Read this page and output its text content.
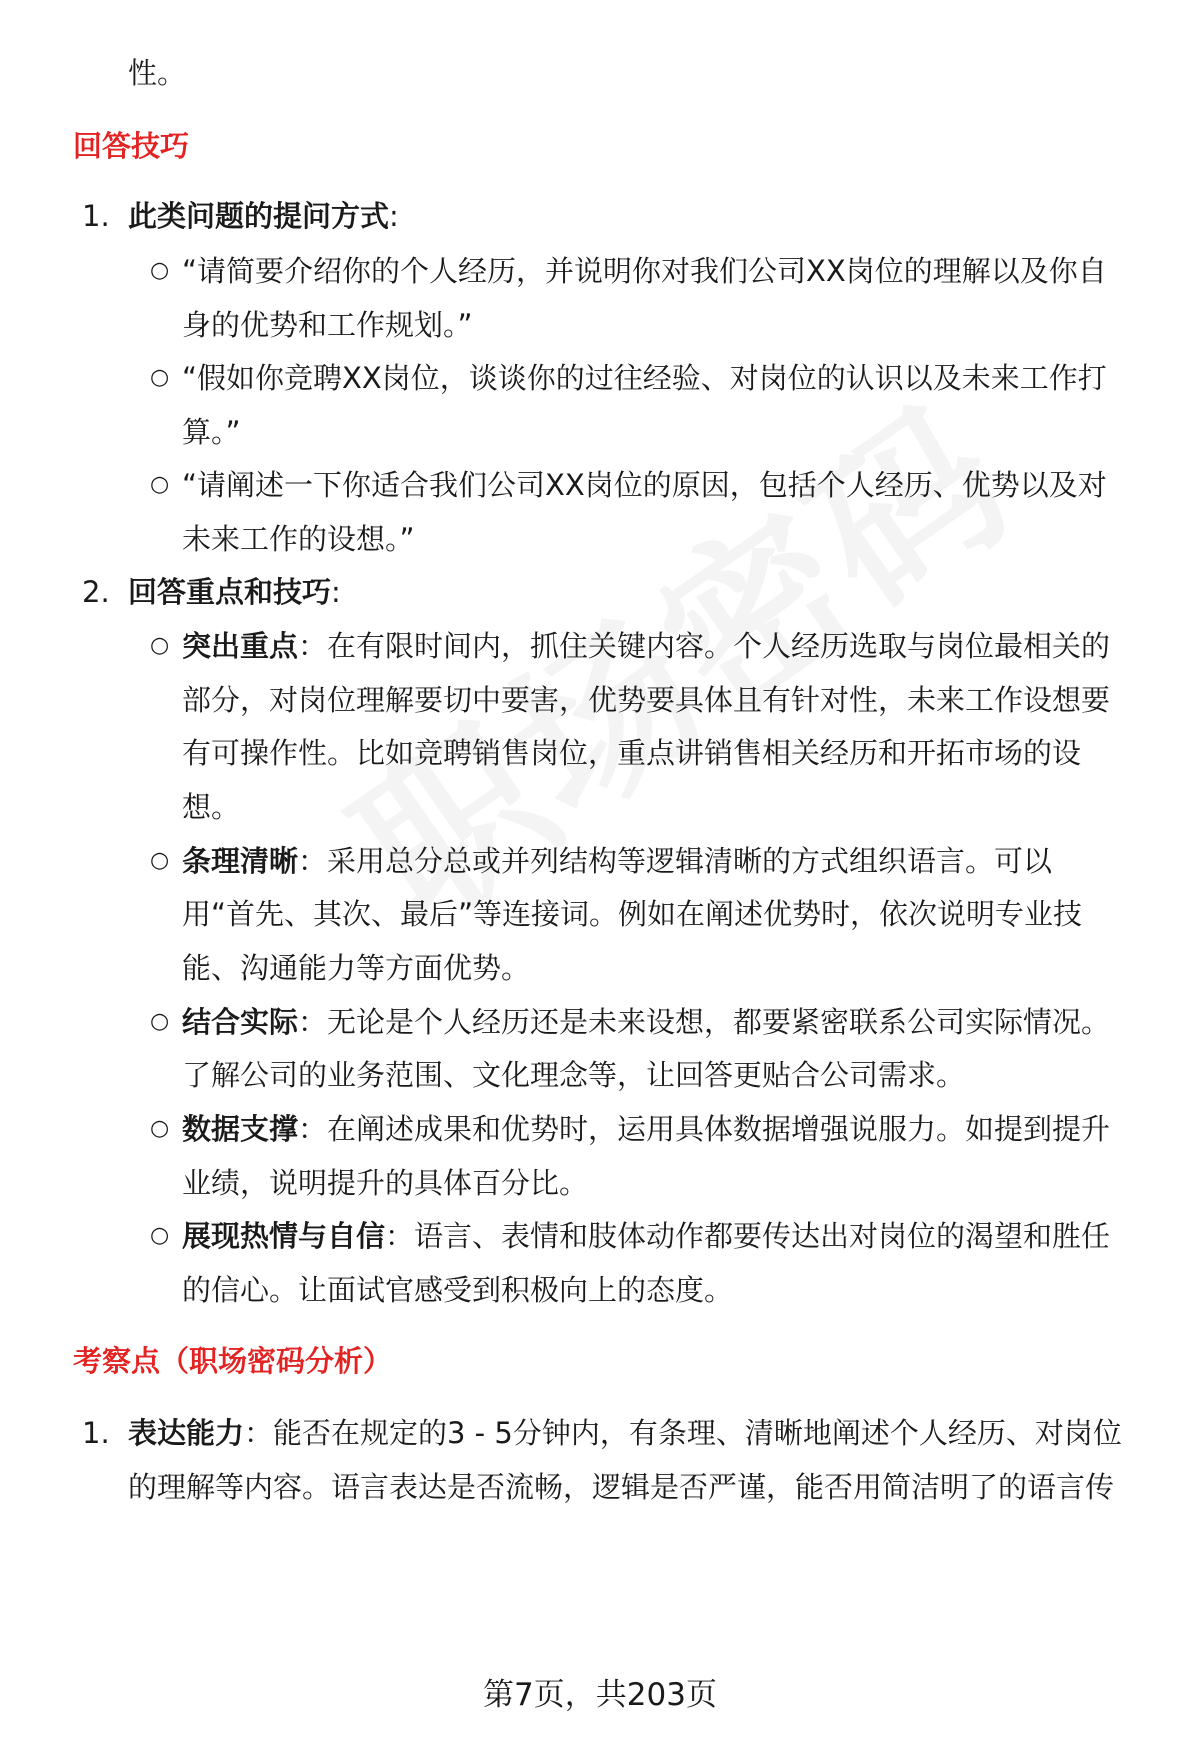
性。
回答技巧
1. 此类问题的提问方式:
○ “请简要介绍你的个人经历，并说明你对我们公司XX岗位的理解以及你自
身的优势和工作规划。”
○ “假如你竞聘XX岗位，谈谈你的过往经验、对岗位的认识以及未来工作打
算。”
○ “请阐述一下你适合我们公司XX岗位的原因，包括个人经历、优势以及对
未来工作的设想。”
2. 回答重点和技巧:
○ 突出重点：在有限时间内，抓住关键内容。个人经历选取与岗位最相关的
部分，对岗位理解要切中要害，优势要具体且有针对性，未来工作设想要
有可操作性。比如竞聘销售岗位，重点讲销售相关经历和开拓市场的设
想。
○ 条理清晰：采用总分总或并列结构等逻辑清晰的方式组织语言。可以
用“首先、其次、最后”等连接词。例如在阐述优势时，依次说明专业技
能、沟通能力等方面优势。
○ 结合实际：无论是个人经历还是未来设想，都要紧密联系公司实际情况。
了解公司的业务范围、文化理念等，让回答更贴合公司需求。
○ 数据支撑：在阐述成果和优势时，运用具体数据增强说服力。如提到提升
业绩，说明提升的具体百分比。
○ 展现热情与自信：语言、表情和肢体动作都要传达出对岗位的渴望和胜任
的信心。让面试官感受到积极向上的态度。
考察点（职场密码分析）
1. 表达能力：能否在规定的3 - 5分钟内，有条理、清晰地阐述个人经历、对岗位
的理解等内容。语言表达是否流畅，逻辑是否严谨，能否用简洁明了的语言传
第7页，共203页
